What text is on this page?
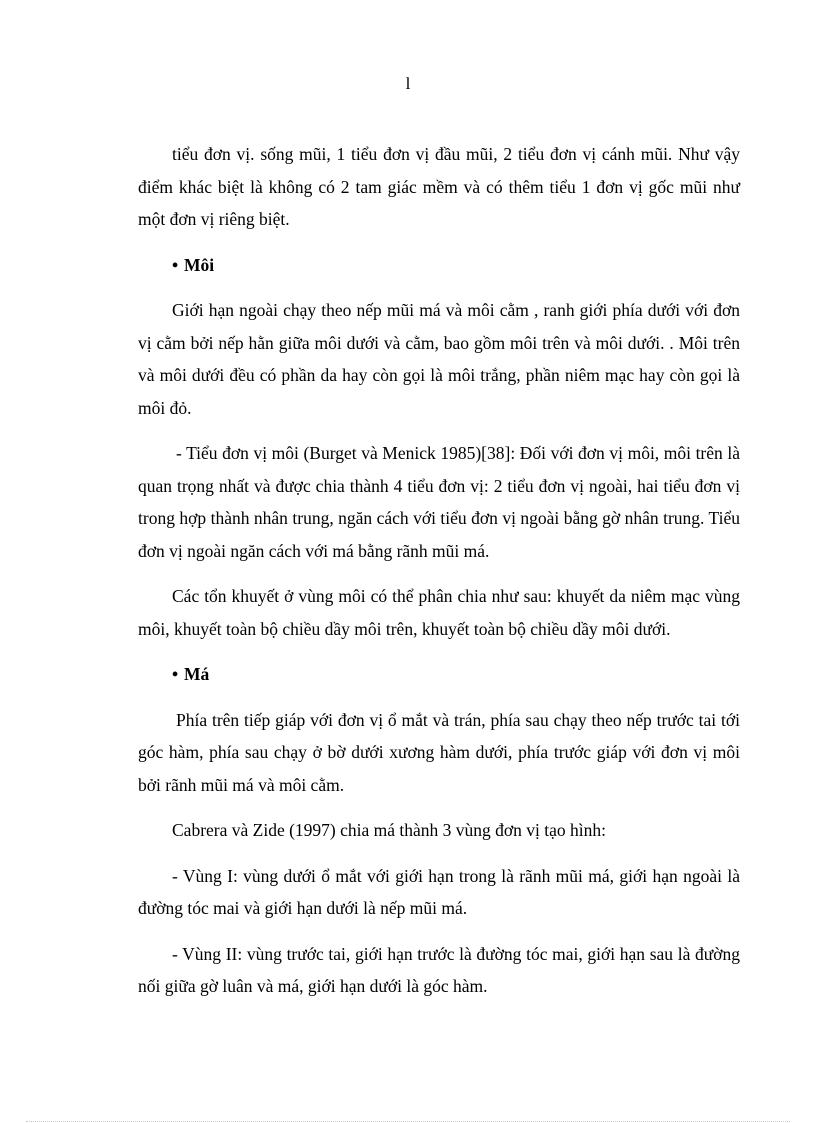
l

tiểu đơn vị. sống mũi, 1 tiểu đơn vị đầu mũi, 2 tiểu đơn vị cánh mũi. Như vậy điểm khác biệt là không có 2 tam giác mềm và có thêm tiểu 1 đơn vị gốc mũi như một đơn vị riêng biệt.

• Môi

Giới hạn ngoài chạy theo nếp mũi má và môi cằm , ranh giới phía dưới với đơn vị cằm bởi nếp hằn giữa môi dưới và cằm, bao gồm môi trên và môi dưới. . Môi trên và môi dưới đều có phần da hay còn gọi là môi trắng, phần niêm mạc hay còn gọi là môi đỏ.

- Tiểu đơn vị môi (Burget và Menick 1985)[38]: Đối với đơn vị môi, môi trên là quan trọng nhất và được chia thành 4 tiểu đơn vị: 2 tiểu đơn vị ngoài, hai tiểu đơn vị trong hợp thành nhân trung, ngăn cách với tiểu đơn vị ngoài bằng gờ nhân trung. Tiểu đơn vị ngoài ngăn cách với má bằng rãnh mũi má.

Các tổn khuyết ở vùng môi có thể phân chia như sau: khuyết da niêm mạc vùng môi, khuyết toàn bộ chiều dầy môi trên, khuyết toàn bộ chiều dầy môi dưới.

• Má

Phía trên tiếp giáp với đơn vị ổ mắt và trán, phía sau chạy theo nếp trước tai tới góc hàm, phía sau chạy ở bờ dưới xương hàm dưới, phía trước giáp với đơn vị môi bởi rãnh mũi má và môi cằm.

Cabrera và Zide (1997) chia má thành 3 vùng đơn vị tạo hình:

- Vùng I: vùng dưới ổ mắt với giới hạn trong là rãnh mũi má, giới hạn ngoài là đường tóc mai và giới hạn dưới là nếp mũi má.

- Vùng II: vùng trước tai, giới hạn trước là đường tóc mai, giới hạn sau là đường nối giữa gờ luân và má, giới hạn dưới là góc hàm.
